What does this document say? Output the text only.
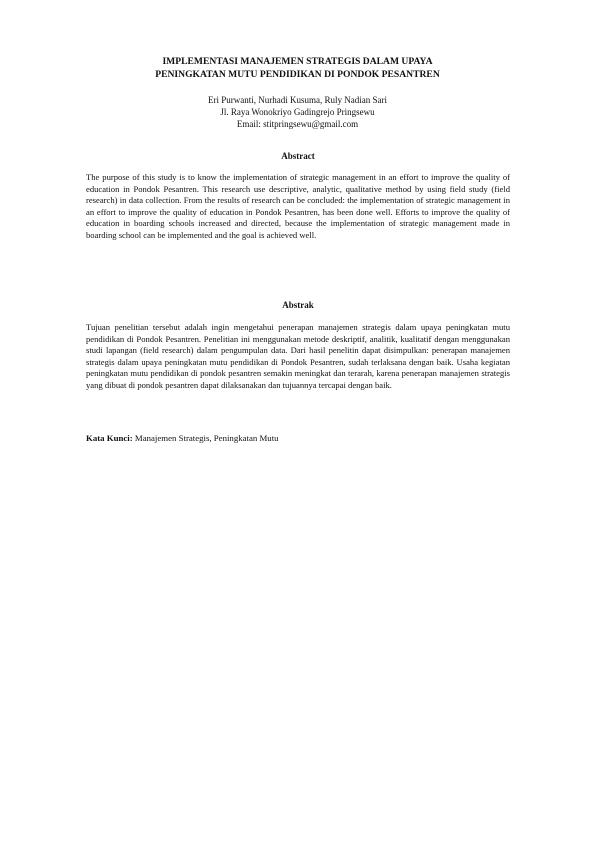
IMPLEMENTASI MANAJEMEN STRATEGIS DALAM UPAYA
PENINGKATAN MUTU PENDIDIKAN DI PONDOK PESANTREN
Eri Purwanti, Nurhadi Kusuma, Ruly Nadian Sari
Jl. Raya Wonokriyo Gadingrejo Pringsewu
Email: stitpringsewu@gmail.com
Abstract
The purpose of this study is to know the implementation of strategic management in an effort to improve the quality of education in Pondok Pesantren. This research use descriptive, analytic, qualitative method by using field study (field research) in data collection. From the results of research can be concluded: the implementation of strategic management in an effort to improve the quality of education in Pondok Pesantren, has been done well. Efforts to improve the quality of education in boarding schools increased and directed, because the implementation of strategic management made in boarding school can be implemented and the goal is achieved well.
Abstrak
Tujuan penelitian tersebut adalah ingin mengetahui penerapan manajemen strategis dalam upaya peningkatan mutu pendidikan di Pondok Pesantren. Penelitian ini menggunakan metode deskriptif, analitik, kualitatif dengan menggunakan studi lapangan (field research) dalam pengumpulan data. Dari hasil penelitin dapat disimpulkan: penerapan manajemen strategis dalam upaya peningkatan mutu pendidikan di Pondok Pesantren, sudah terlaksana dengan baik. Usaha kegiatan peningkatan mutu pendidikan di pondok pesantren semakin meningkat dan terarah, karena penerapan manajemen strategis yang dibuat di pondok pesantren dapat dilaksanakan dan tujuannya tercapai dengan baik.
Kata Kunci: Manajemen Strategis, Peningkatan Mutu
